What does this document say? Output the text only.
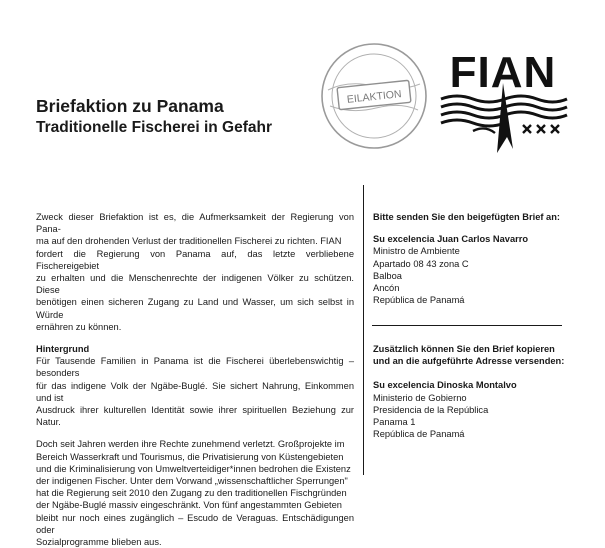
Briefaktion zu Panama
Traditionelle Fischerei in Gefahr
EILAKTION FIAN

Zweck dieser Briefaktion ist es, die Aufmerksamkeit der Regierung von Pana-
ma auf den drohenden Verlust der traditionellen Fischerei zu richten. FIAN
fordert die Regierung von Panama auf, das letzte verbliebene Fischereigebiet
zu erhalten und die Menschenrechte der indigenen Völker zu schützen. Diese
benötigen einen sicheren Zugang zu Land und Wasser, um sich selbst in Würde
ernähren zu können.

Hintergrund

Für Tausende Familien in Panama ist die Fischerei überlebenswichtig – besonders
für das indigene Volk der Ngäbe-Buglé. Sie sichert Nahrung, Einkommen und ist
Ausdruck ihrer kulturellen Identität sowie ihrer spirituellen Beziehung zur Natur.

Doch seit Jahren werden ihre Rechte zunehmend verletzt. Großprojekte im
Bereich Wasserkraft und Tourismus, die Privatisierung von Küstengebieten
und die Kriminalisierung von Umweltverteidiger*innen bedrohen die Existenz
der indigenen Fischer. Unter dem Vorwand „wissenschaftlicher Sperrungen"
hat die Regierung seit 2010 den Zugang zu den traditionellen Fischgründen
der Ngäbe-Buglé massiv eingeschränkt. Von fünf angestammten Gebieten
bleibt nur noch eines zugänglich – Escudo de Veraguas. Entschädigungen oder
Sozialprogramme blieben aus.

Bitte senden Sie den beigefügten Brief an:
Su excelencia Juan Carlos Navarro
Ministro de Ambiente
Apartado 08 43 zona C
Balboa
Ancón
República de Panamá
Zusätzlich können Sie den Brief kopieren
und an die aufgeführte Adresse versenden:
Su excelencia Dinoska Montalvo
Ministerio de Gobierno
Presidencia de la República
Panama 1
República de Panamá
